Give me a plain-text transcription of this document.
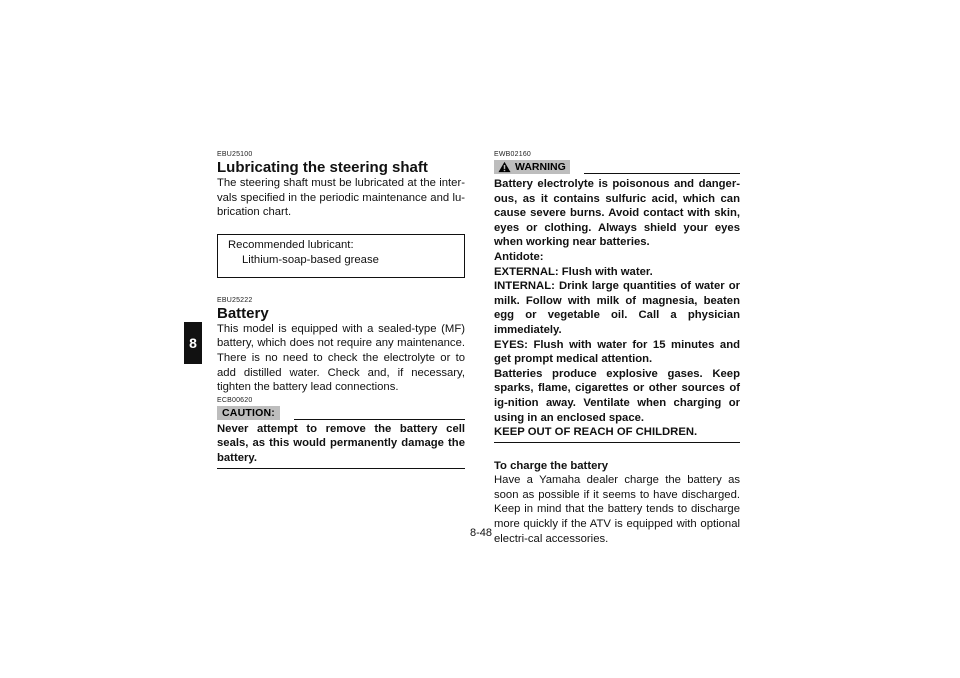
8
EBU25100
Lubricating the steering shaft

The steering shaft must be lubricated at the inter-vals specified in the periodic maintenance and lu-brication chart.

Recommended lubricant:
Lithium-soap-based grease
EBU25222
Battery

This model is equipped with a sealed-type (MF) battery, which does not require any maintenance. There is no need to check the electrolyte or to add distilled water. Check and, if necessary, tighten the battery lead connections.

ECB00620
CAUTION:

Never attempt to remove the battery cell seals, as this would permanently damage the battery.

EWB02160
WARNING

Battery electrolyte is poisonous and danger-ous, as it contains sulfuric acid, which can cause severe burns. Avoid contact with skin, eyes or clothing. Always shield your eyes when working near batteries.

Antidote:

EXTERNAL: Flush with water.

INTERNAL: Drink large quantities of water or milk. Follow with milk of magnesia, beaten egg or vegetable oil. Call a physician immediately.

EYES: Flush with water for 15 minutes and get prompt medical attention.

Batteries produce explosive gases. Keep sparks, flame, cigarettes or other sources of ig-nition away. Ventilate when charging or using in an enclosed space.

KEEP OUT OF REACH OF CHILDREN.

To charge the battery

Have a Yamaha dealer charge the battery as soon as possible if it seems to have discharged. Keep in mind that the battery tends to discharge more quickly if the ATV is equipped with optional electri-cal accessories.

8-48
